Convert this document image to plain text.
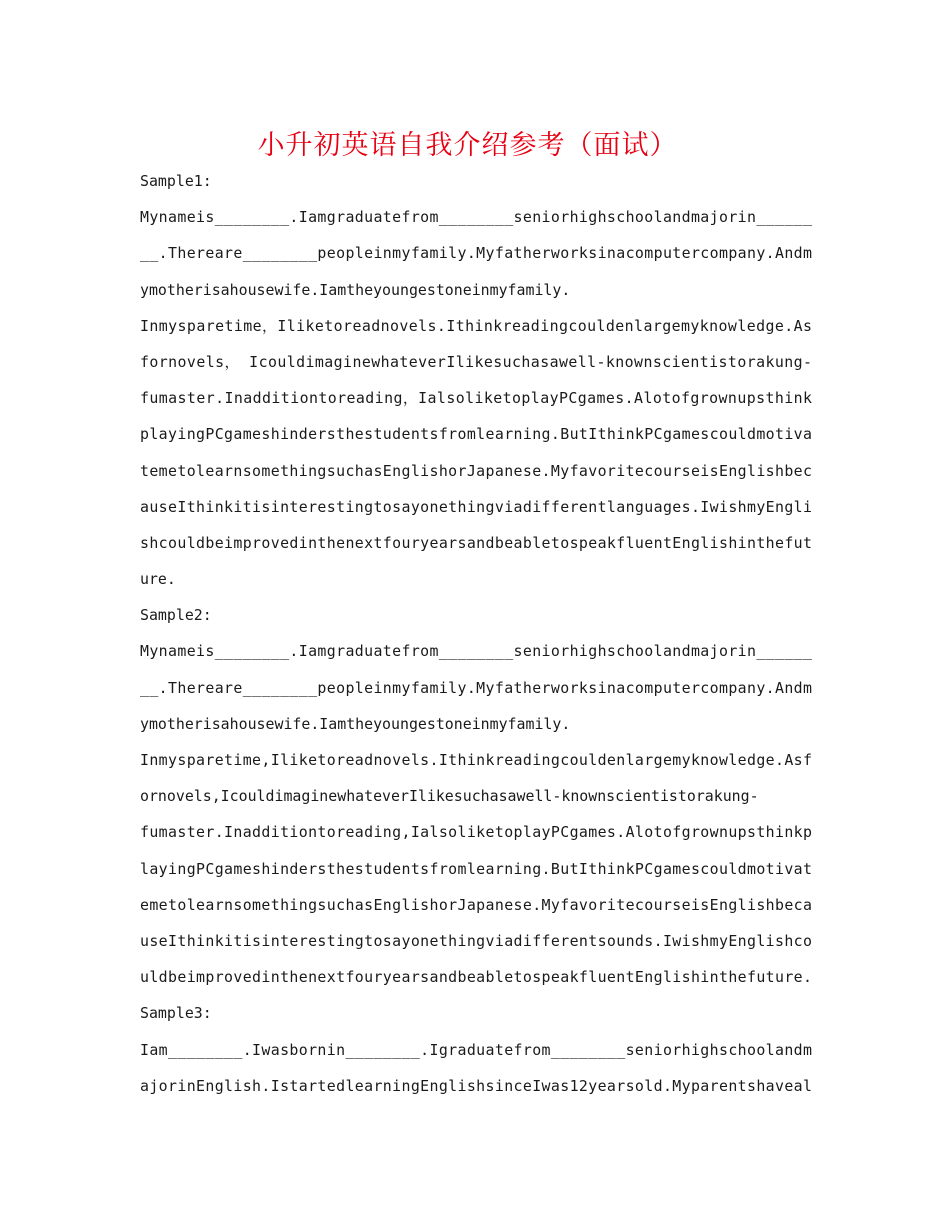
小升初英语自我介绍参考（面试）
Sample1:
Mynameis________.Iamgraduatefrom________seniorhighschoolandmajorin______
__.Thereare________peopleinmyfamily.Myfatherworksinacomputercompany.Andm
ymotherisahousewife.Iamtheyoungestoneinmyfamily.
Inmysparetime，Iliketoreadnovels.Ithinkreadingcouldenlargemyknowledge.As
fornovels， IcouldimaginewhateverIlikesuchasawell-knownscientistorakung-
fumaster.Inadditiontoreading，IalsoliketoplayPCgames.Alotofgrownupsthink
playingPCgameshindersthestudentsfromlearning.ButIthinkPCgamescouldmotiva
temetolearnsomethingsuchasEnglishorJapanese.MyfavoritecourseisEnglishbec
auseIthinkitisinterestingtosayonethingviadifferentlanguages.IwishmyEngli
shcouldbeimprovedinthenextfouryearsandbeabletospeakfluentEnglishinthefut
ure.
Sample2:
Mynameis________.Iamgraduatefrom________seniorhighschoolandmajorin______
__.Thereare________peopleinmyfamily.Myfatherworksinacomputercompany.Andm
ymotherisahousewife.Iamtheyoungestoneinmyfamily.
Inmysparetime,Iliketoreadnovels.Ithinkreadingcouldenlargemyknowledge.Asf
ornovels,IcouldimaginewhateverIlikesuchasawell-knownscientistorakung-
fumaster.Inadditiontoreading,IalsoliketoplayPCgames.Alotofgrownupsthinkp
layingPCgameshindersthestudentsfromlearning.ButIthinkPCgamescouldmotivat
emetolearnsomethingsuchasEnglishorJapanese.MyfavoritecourseisEnglishbeca
useIthinkitisinterestingtosayonethingviadifferentsounds.IwishmyEnglishco
uldbeimprovedinthenextfouryearsandbeabletospeakfluentEnglishinthefuture.
Sample3:
Iam________.Iwasbornin________.Igraduatefrom________seniorhighschoolandm
ajorinEnglish.IstartedlearningEnglishsinceIwas12yearsold.Myparentshaveal
